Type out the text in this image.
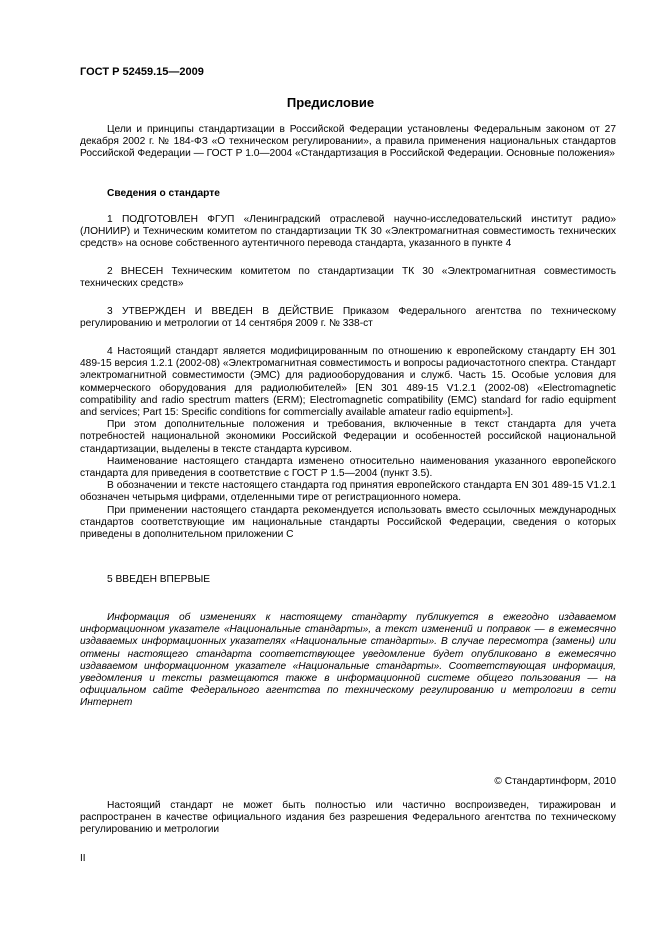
ГОСТ Р 52459.15—2009
Предисловие

Цели и принципы стандартизации в Российской Федерации установлены Федеральным законом от 27 декабря 2002 г. № 184-ФЗ «О техническом регулировании», а правила применения национальных стандартов Российской Федерации — ГОСТ Р 1.0—2004 «Стандартизация в Российской Федерации. Основные положения»

Сведения о стандарте

1 ПОДГОТОВЛЕН ФГУП «Ленинградский отраслевой научно-исследовательский институт радио» (ЛОНИИР) и Техническим комитетом по стандартизации ТК 30 «Электромагнитная совместимость технических средств» на основе собственного аутентичного перевода стандарта, указанного в пункте 4

2 ВНЕСЕН Техническим комитетом по стандартизации ТК 30 «Электромагнитная совместимость технических средств»

3 УТВЕРЖДЕН И ВВЕДЕН В ДЕЙСТВИЕ Приказом Федерального агентства по техническому регулированию и метрологии от 14 сентября 2009 г. № 338-ст

4 Настоящий стандарт является модифицированным по отношению к европейскому стандарту ЕН 301 489-15 версия 1.2.1 (2002-08) «Электромагнитная совместимость и вопросы радиочастотного спектра. Стандарт электромагнитной совместимости (ЭМС) для радиооборудования и служб. Часть 15. Особые условия для коммерческого оборудования для радиолюбителей» [EN 301 489-15 V1.2.1 (2002-08) «Electromagnetic compatibility and radio spectrum matters (ERM); Electromagnetic compatibility (EMC) standard for radio equipment and services; Part 15: Specific conditions for commercially available amateur radio equipment»].

При этом дополнительные положения и требования, включенные в текст стандарта для учета потребностей национальной экономики Российской Федерации и особенностей российской национальной стандартизации, выделены в тексте стандарта курсивом.

Наименование настоящего стандарта изменено относительно наименования указанного европейского стандарта для приведения в соответствие с ГОСТ Р 1.5—2004 (пункт 3.5).

В обозначении и тексте настоящего стандарта год принятия европейского стандарта EN 301 489-15 V1.2.1 обозначен четырьмя цифрами, отделенными тире от регистрационного номера.

При применении настоящего стандарта рекомендуется использовать вместо ссылочных международных стандартов соответствующие им национальные стандарты Российской Федерации, сведения о которых приведены в дополнительном приложении С

5 ВВЕДЕН ВПЕРВЫЕ

Информация об изменениях к настоящему стандарту публикуется в ежегодно издаваемом информационном указателе «Национальные стандарты», а текст изменений и поправок — в ежемесячно издаваемых информационных указателях «Национальные стандарты». В случае пересмотра (замены) или отмены настоящего стандарта соответствующее уведомление будет опубликовано в ежемесячно издаваемом информационном указателе «Национальные стандарты». Соответствующая информация, уведомления и тексты размещаются также в информационной системе общего пользования — на официальном сайте Федерального агентства по техническому регулированию и метрологии в сети Интернет

© Стандартинформ, 2010

Настоящий стандарт не может быть полностью или частично воспроизведен, тиражирован и распространен в качестве официального издания без разрешения Федерального агентства по техническому регулированию и метрологии

II
